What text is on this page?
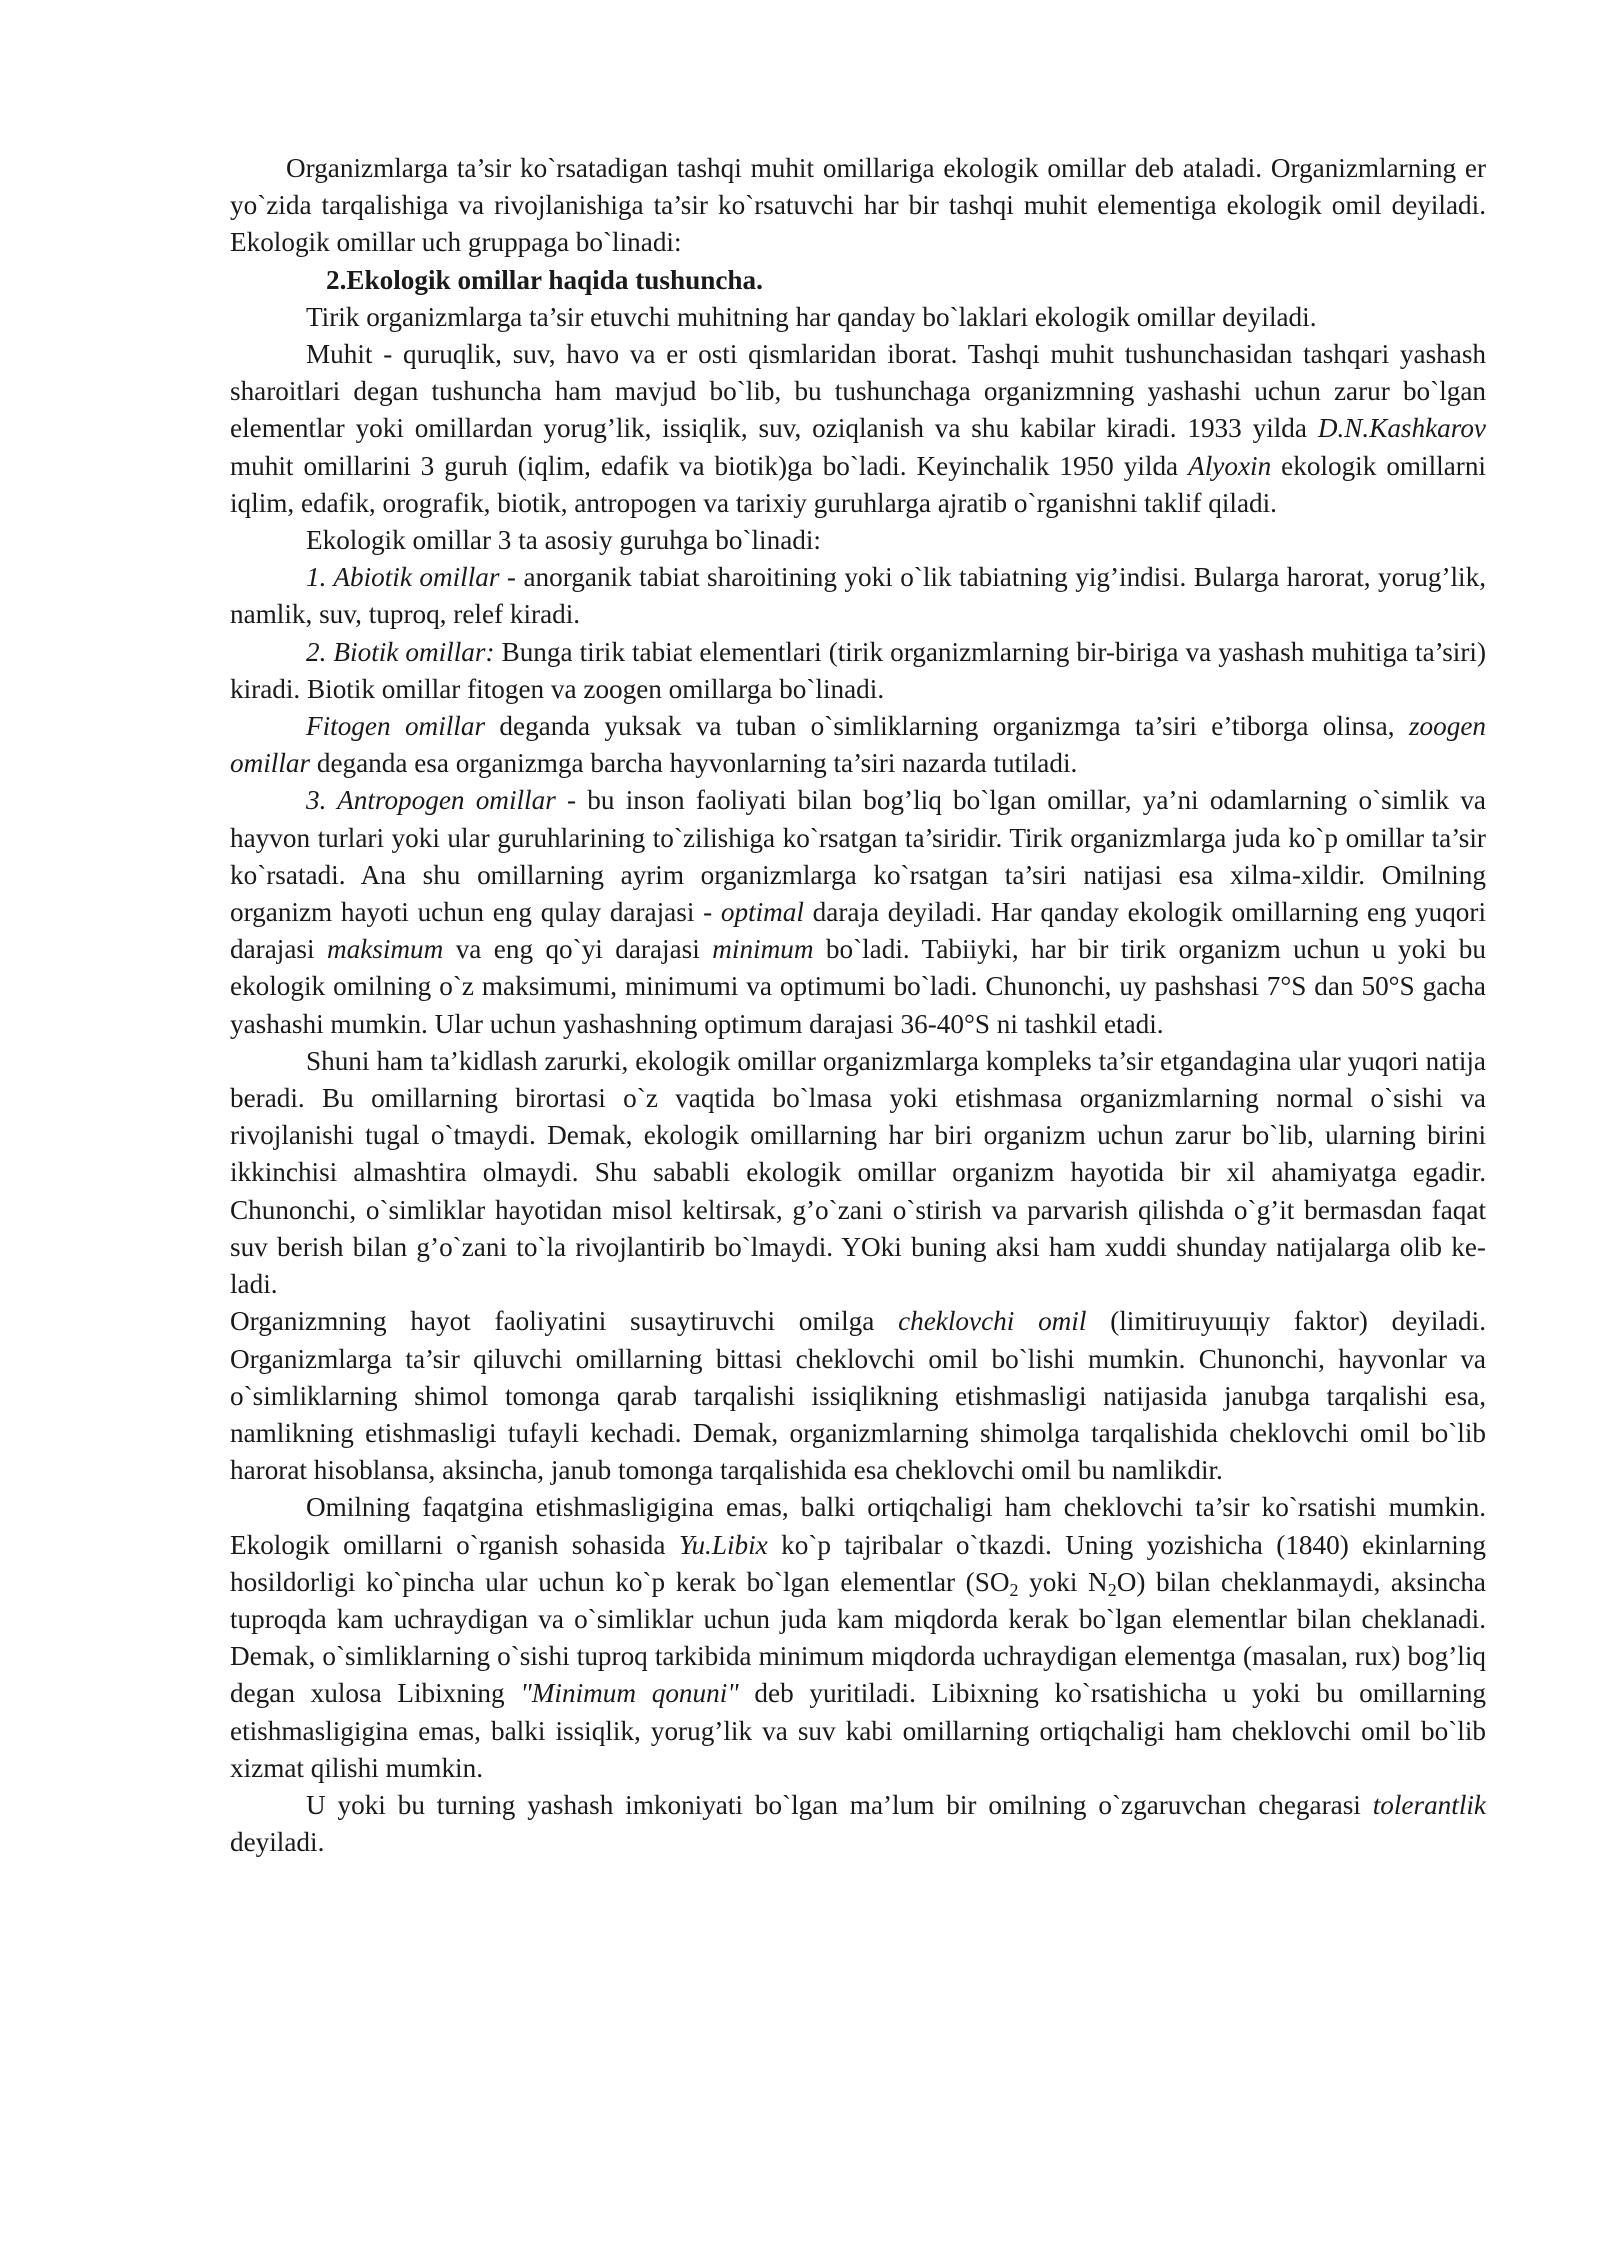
Organizmlarga ta’sir ko`rsatadigan tashqi muhit omillariga ekologik omillar deb ataladi. Organizmlarning er yo`zida tarqalishiga va rivojlanishiga ta’sir ko`rsatuvchi har bir tashqi muhit elementiga ekologik omil deyiladi. Ekologik omillar uch gruppaga bo`linadi:

2.Ekologik omillar haqida tushuncha.

Tirik organizmlarga ta’sir etuvchi muhitning har qanday bo`laklari ekologik omillar deyiladi.

Muhit - quruqlik, suv, havo va er osti qismlaridan iborat. Tashqi muhit tushunchasidan tashqari yashash sharoitlari degan tushuncha ham mavjud bo`lib, bu tushunchaga organizmning yashashi uchun zarur bo`lgan elementlar yoki omillardan yorug’lik, issiqlik, suv, oziqlanish va shu kabilar kiradi. 1933 yilda D.N.Kashkarov muhit omillarini 3 guruh (iqlim, edafik va biotik)ga bo`ladi. Keyinchalik 1950 yilda Alyoxin ekologik omillarni iqlim, edafik, orografik, biotik, antropogen va tarixiy guruhlarga ajratib o`rganishni taklif qiladi.

Ekologik omillar 3 ta asosiy guruhga bo`linadi:

1. Abiotik omillar - anorganik tabiat sharoitining yoki o`lik tabiatning yig’indisi. Bularga harorat, yorug’lik, namlik, suv, tuproq, relef kiradi.

2. Biotik omillar: Bunga tirik tabiat elementlari (tirik organizmlarning bir-biriga va yashash muhitiga ta’siri) kiradi. Biotik omillar fitogen va zoogen omillarga bo`linadi.

Fitogen omillar deganda yuksak va tuban o`simliklarning organizmga ta’siri e’tiborga olinsa, zoogen omillar deganda esa organizmga barcha hayvonlarning ta’siri nazarda tutiladi.

3. Antropogen omillar - bu inson faoliyati bilan bog’liq bo`lgan omillar, ya’ni odamlarning o`simlik va hayvon turlari yoki ular guruhlarining to`zilishiga ko`rsatgan ta’siridir. Tirik organizmlarga juda ko`p omillar ta’sir ko`rsatadi. Ana shu omillarning ayrim organizmlarga ko`rsatgan ta’siri natijasi esa xilma-xildir. Omilning organizm hayoti uchun eng qulay darajasi - optimal daraja deyiladi. Har qanday ekologik omillarning eng yuqori darajasi maksimum va eng qo`yi darajasi minimum bo`ladi. Tabiiyki, har bir tirik organizm uchun u yoki bu ekologik omilning o`z maksimumi, minimumi va optimumi bo`ladi. Chunonchi, uy pashshasi 7°S dan 50°S gacha yashashi mumkin. Ular uchun yashashning optimum darajasi 36-40°S ni tashkil etadi.

Shuni ham ta’kidlash zarurki, ekologik omillar organizmlarga kompleks ta’sir etgandagina ular yuqori natija beradi. Bu omillarning birortasi o`z vaqtida bo`lmasa yoki etishmasa organizmlarning normal o`sishi va rivojlanishi tugal o`tmaydi. Demak, ekologik omillarning har biri organizm uchun zarur bo`lib, ularning birini ikkinchisi almashtira olmaydi. Shu sababli ekologik omillar organizm hayotida bir xil ahamiyatga egadir. Chunonchi, o`simliklar hayotidan misol keltirsak, g’o`zani o`stirish va parvarish qilishda o`g’it bermasdan faqat suv berish bilan g’o`zani to`la rivojlantirib bo`lmaydi. YOki buning aksi ham xuddi shunday natijalarga olib ke-ladi.

Organizmning hayot faoliyatini susaytiruvchi omilga cheklovchi omil (limitiruyuщiy faktor) deyiladi. Organizmlarga ta’sir qiluvchi omillarning bittasi cheklovchi omil bo`lishi mumkin. Chunonchi, hayvonlar va o`simliklarning shimol tomonga qarab tarqalishi issiqlikning etishmasligi natijasida janubga tarqalishi esa, namlikning etishmasligi tufayli kechadi. Demak, organizmlarning shimolga tarqalishida cheklovchi omil bo`lib harorat hisoblansa, aksincha, janub tomonga tarqalishida esa cheklovchi omil bu namlikdir.

Omilning faqatgina etishmasligigina emas, balki ortiqchaligi ham cheklovchi ta’sir ko`rsatishi mumkin. Ekologik omillarni o`rganish sohasida Yu.Libix ko`p tajribalar o`tkazdi. Uning yozishicha (1840) ekinlarning hosildorligi ko`pincha ular uchun ko`p kerak bo`lgan elementlar ($SO_2$ yoki $N_2O$) bilan cheklanmaydi, aksincha tuproqda kam uchraydigan va o`simliklar uchun juda kam miqdorda kerak bo`lgan elementlar bilan cheklanadi. Demak, o`simliklarning o`sishi tuproq tarkibida minimum miqdorda uchraydigan elementga (masalan, rux) bog’liq degan xulosa Libixning "Minimum qonuni" deb yuritiladi. Libixning ko`rsatishicha u yoki bu omillarning etishmasligigina emas, balki issiqlik, yorug’lik va suv kabi omillarning ortiqchaligi ham cheklovchi omil bo`lib xizmat qilishi mumkin.

U yoki bu turning yashash imkoniyati bo`lgan ma’lum bir omilning o`zgaruvchan chegarasi tolerantlik deyiladi.
